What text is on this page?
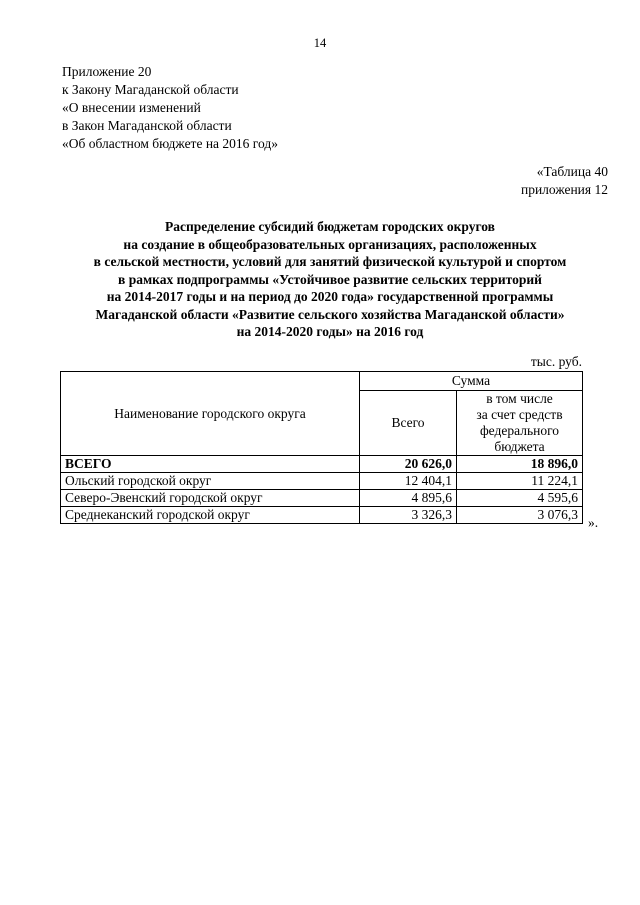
14
Приложение 20
к Закону Магаданской области
«О внесении изменений
в Закон Магаданской области
«Об областном бюджете на 2016 год»
«Таблица 40
приложения 12
Распределение субсидий бюджетам городских округов
на создание в общеобразовательных организациях, расположенных
в сельской местности, условий для занятий физической культурой и спортом
в рамках подпрограммы «Устойчивое развитие сельских территорий
на 2014-2017 годы и на период до 2020 года» государственной программы
Магаданской области «Развитие сельского хозяйства Магаданской области»
на 2014-2020 годы» на 2016 год
тыс. руб.
Наименование городского округа	Сумма	
	Всего	в том числе
за счет средств
федерального
бюджета

ВСЕГО	20 626,0	18 896,0
Ольский городской округ	12 404,1	11 224,1
Северо-Эвенский городской округ	4 895,6	4 595,6
Среднеканский городской округ	3 326,3	3 076,3
».
